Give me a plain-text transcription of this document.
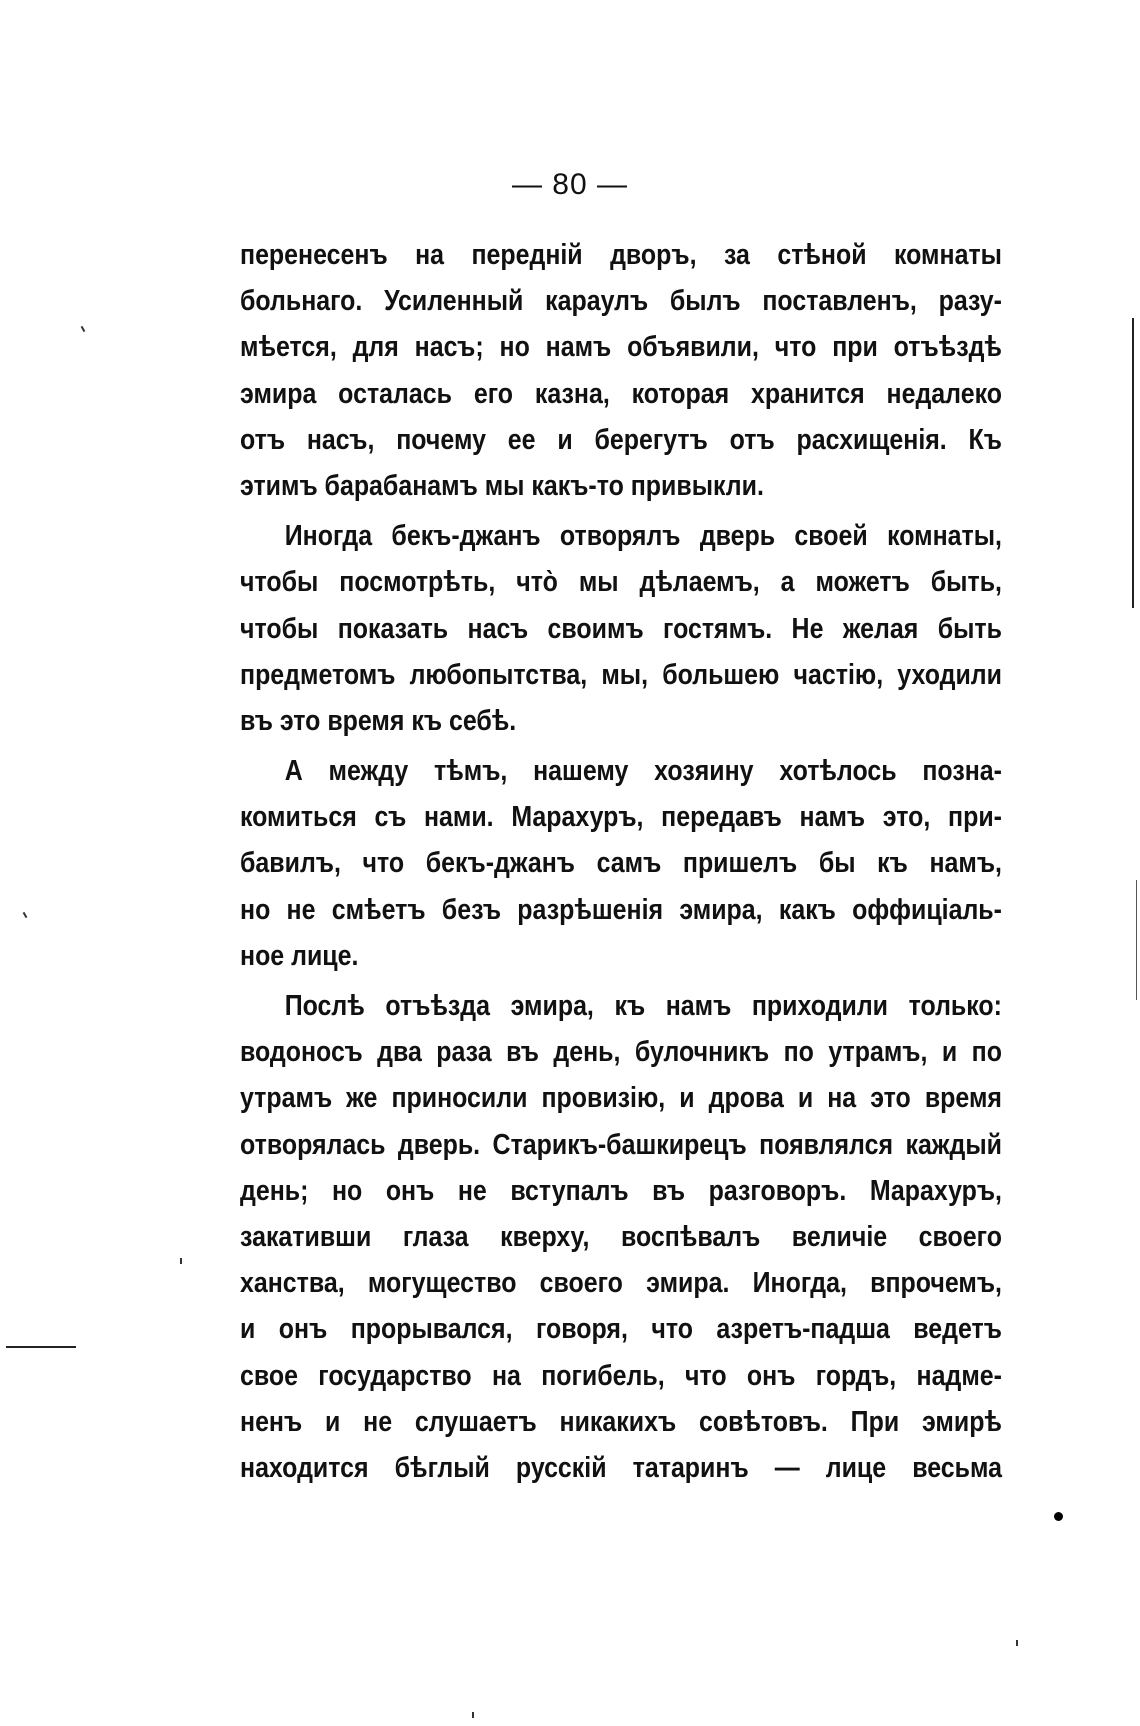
— 80 —
перенесенъ на переднiй дворъ, за стѣной комнаты
больнаго. Усиленный караулъ былъ поставленъ, разу-
мѣется, для насъ; но намъ объявили, что при отъѣздѣ
эмира осталась его казна, которая хранится недалеко
отъ насъ, почему ее и берегутъ отъ расхищенiя. Къ
этимъ барабанамъ мы какъ-то привыкли.
Иногда бекъ-джанъ отворялъ дверь своей комнаты,
чтобы посмотрѣть, что̀ мы дѣлаемъ, а можетъ быть,
чтобы показать насъ своимъ гостямъ. Не желая быть
предметомъ любопытства, мы, большею частiю, уходили
въ это время къ себѣ.
А между тѣмъ, нашему хозяину хотѣлось позна-
комиться съ нами. Марахуръ, передавъ намъ это, при-
бавилъ, что бекъ-джанъ самъ пришелъ бы къ намъ,
но не смѣетъ безъ разрѣшенiя эмира, какъ оффицiаль-
ное лице.
Послѣ отъѣзда эмира, къ намъ приходили только:
водоносъ два раза въ день, булочникъ по утрамъ, и по
утрамъ же приносили провизiю, и дрова и на это время
отворялась дверь. Старикъ-башкирецъ появлялся каждый
день; но онъ не вступалъ въ разговоръ. Марахуръ,
закативши глаза кверху, воспѣвалъ величiе своего
ханства, могущество своего эмира. Иногда, впрочемъ,
и онъ прорывался, говоря, что азретъ-падша ведетъ
свое государство на погибель, что онъ гордъ, надме-
ненъ и не слушаетъ никакихъ совѣтовъ. При эмирѣ
находится бѣглый русскiй татаринъ — лице весьма
